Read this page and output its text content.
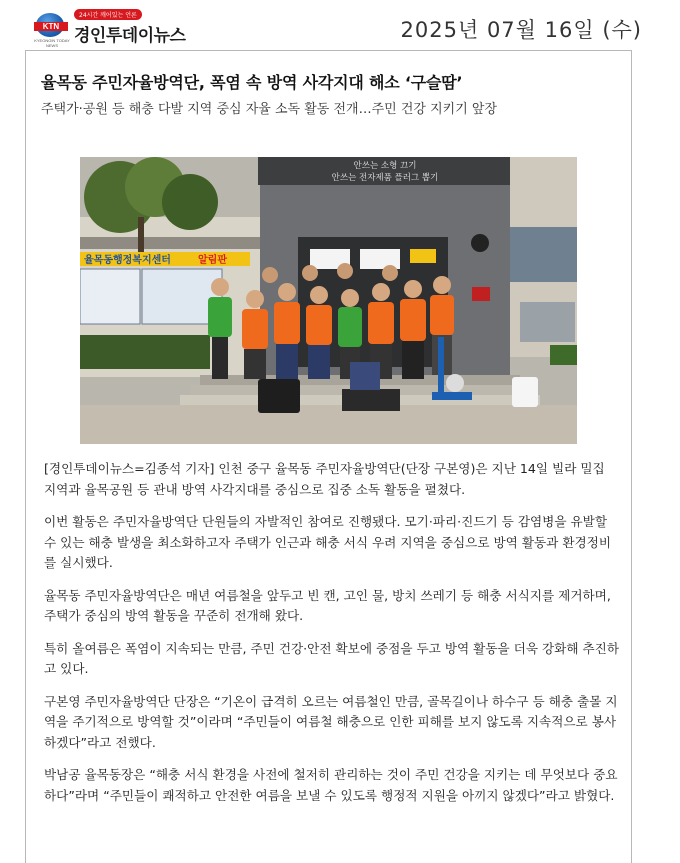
KTN
KYEONGIN TODAY NEWS
24시간 깨어있는 언론
경인투데이뉴스	2025년 07월 16일 (수)
율목동 주민자율방역단, 폭염 속 방역 사각지대 해소 ‘구슬땀’
주택가·공원 등 해충 다발 지역 중심 자율 소독 활동 전개…주민 건강 지키기 앞장
율목동행정복지센터	알림판
안쓰는 소형 끄기
안쓰는 전자제품 플러그 뽑기

[경인투데이뉴스=김종석 기자] 인천 중구 율목동 주민자율방역단(단장 구본영)은 지난 14일 빌라 밀집 지역과 율목공원 등 관내 방역 사각지대를 중심으로 집중 소독 활동을 펼쳤다.

이번 활동은 주민자율방역단 단원들의 자발적인 참여로 진행됐다. 모기·파리·진드기 등 감염병을 유발할 수 있는 해충 발생을 최소화하고자 주택가 인근과 해충 서식 우려 지역을 중심으로 방역 활동과 환경정비를 실시했다.

율목동 주민자율방역단은 매년 여름철을 앞두고 빈 캔, 고인 물, 방치 쓰레기 등 해충 서식지를 제거하며, 주택가 중심의 방역 활동을 꾸준히 전개해 왔다.

특히 올여름은 폭염이 지속되는 만큼, 주민 건강·안전 확보에 중점을 두고 방역 활동을 더욱 강화해 추진하고 있다.

구본영 주민자율방역단 단장은 “기온이 급격히 오르는 여름철인 만큼, 골목길이나 하수구 등 해충 출몰 지역을 주기적으로 방역할 것”이라며 “주민들이 여름철 해충으로 인한 피해를 보지 않도록 지속적으로 봉사하겠다”라고 전했다.

박남공 율목동장은 “해충 서식 환경을 사전에 철저히 관리하는 것이 주민 건강을 지키는 데 무엇보다 중요하다”라며 “주민들이 쾌적하고 안전한 여름을 보낼 수 있도록 행정적 지원을 아끼지 않겠다”라고 밝혔다.
